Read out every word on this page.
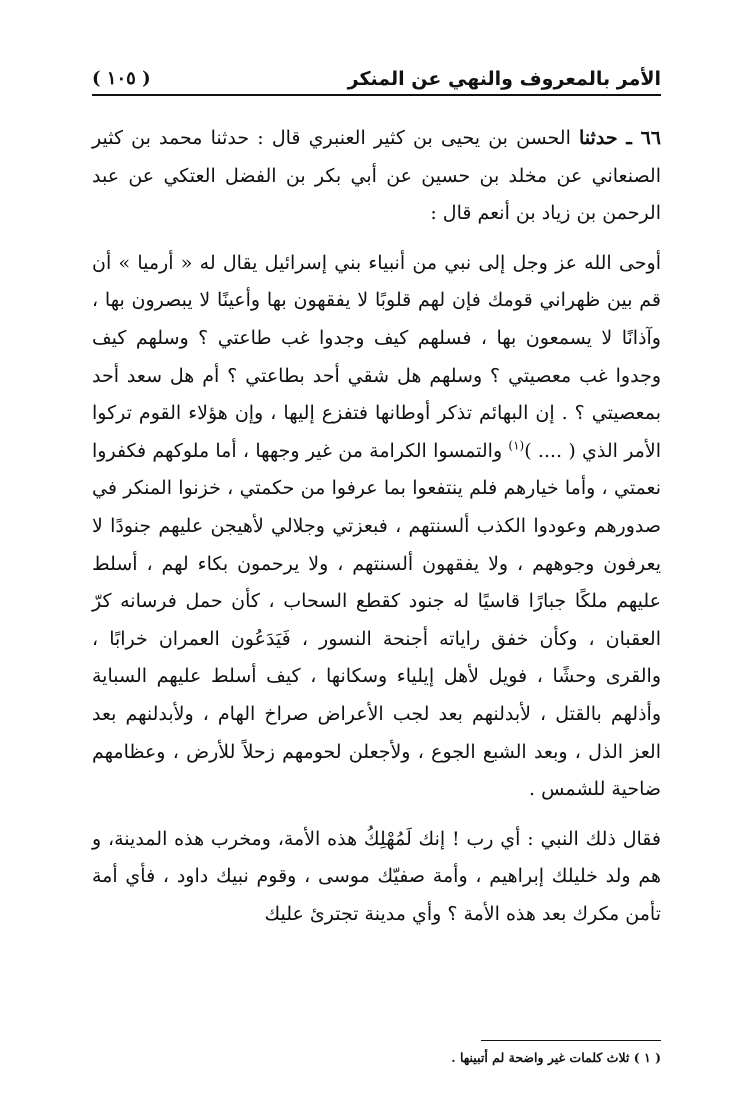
الأمر بالمعروف والنهي عن المنكر
( ١٠٥ )

٦٦ ـ حدثنا الحسن بن يحيى بن كثير العنبري قال : حدثنا محمد بن كثير الصنعاني عن مخلد بن حسين عن أبي بكر بن الفضل العتكي عن عبد الرحمن بن زياد بن أنعم قال :

أوحى الله عز وجل إلى نبي من أنبياء بني إسرائيل يقال له « أرميا » أن قم بين ظهراني قومك فإن لهم قلوبًا لا يفقهون بها وأعينًا لا يبصرون بها ، وآذانًا لا يسمعون بها ، فسلهم كيف وجدوا غب طاعتي ؟ وسلهم كيف وجدوا غب معصيتي ؟ وسلهم هل شقي أحد بطاعتي ؟ أم هل سعد أحد بمعصيتي ؟ . إن البهائم تذكر أوطانها فتفزع إليها ، وإن هؤلاء القوم تركوا الأمر الذي ( .... )$^{(١)}$ والتمسوا الكرامة من غير وجهها ، أما ملوكهم فكفروا نعمتي ، وأما خيارهم فلم ينتفعوا بما عرفوا من حكمتي ، خزنوا المنكر في صدورهم وعودوا الكذب ألسنتهم ، فبعزتي وجلالي لأهيجن عليهم جنودًا لا يعرفون وجوههم ، ولا يفقهون ألسنتهم ، ولا يرحمون بكاء لهم ، أسلط عليهم ملكًا جبارًا قاسيًا له جنود كقطع السحاب ، كأن حمل فرسانه كرّ العقبان ، وكأن خفق راياته أجنحة النسور ، فَيَدَعُون العمران خرابًا ، والقرى وحشًا ، فويل لأهل إيلياء وسكانها ، كيف أسلط عليهم السباية وأذلهم بالقتل ، لأبدلنهم بعد لجب الأعراض صراخ الهام ، ولأبدلنهم بعد العز الذل ، وبعد الشبع الجوع ، ولأجعلن لحومهم زحلاً للأرض ، وعظامهم ضاحية للشمس .

فقال ذلك النبي : أي رب ! إنك لَمُهْلِكُ هذه الأمة، ومخرب هذه المدينة، و هم ولد خليلك إبراهيم ، وأمة صفيّك موسى ، وقوم نبيك داود ، فأي أمة تأمن مكرك بعد هذه الأمة ؟ وأي مدينة تجترئ عليك

( ١ ) ثلاث كلمات غير واضحة لم أتبينها .
